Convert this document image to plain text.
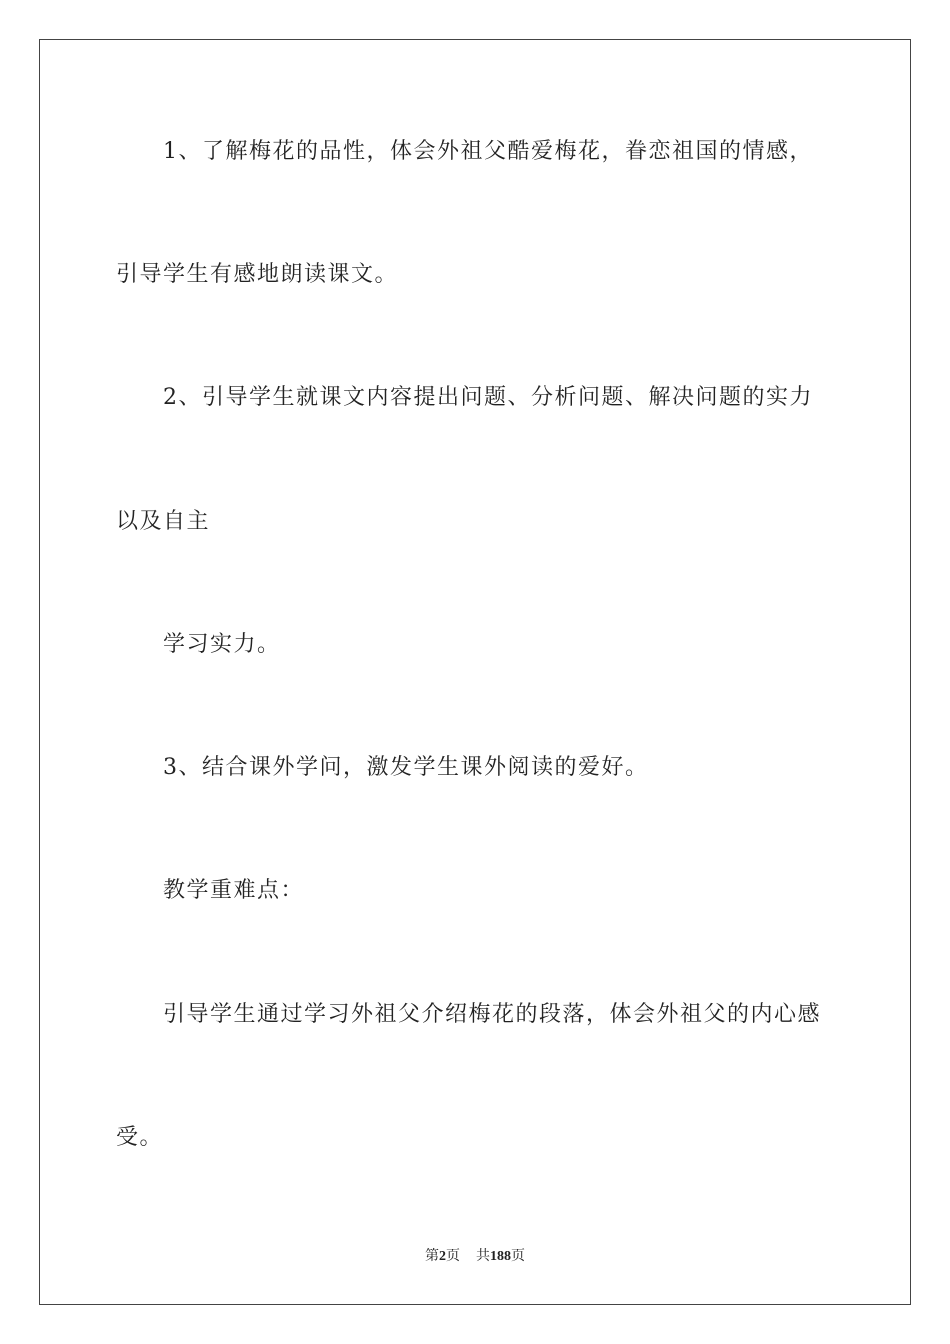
1、了解梅花的品性，体会外祖父酷爱梅花，眷恋祖国的情感，
引导学生有感地朗读课文。
2、引导学生就课文内容提出问题、分析问题、解决问题的实力
以及自主
学习实力。
3、结合课外学问，激发学生课外阅读的爱好。
教学重难点：
引导学生通过学习外祖父介绍梅花的段落，体会外祖父的内心感
受。
第2页 共188页
